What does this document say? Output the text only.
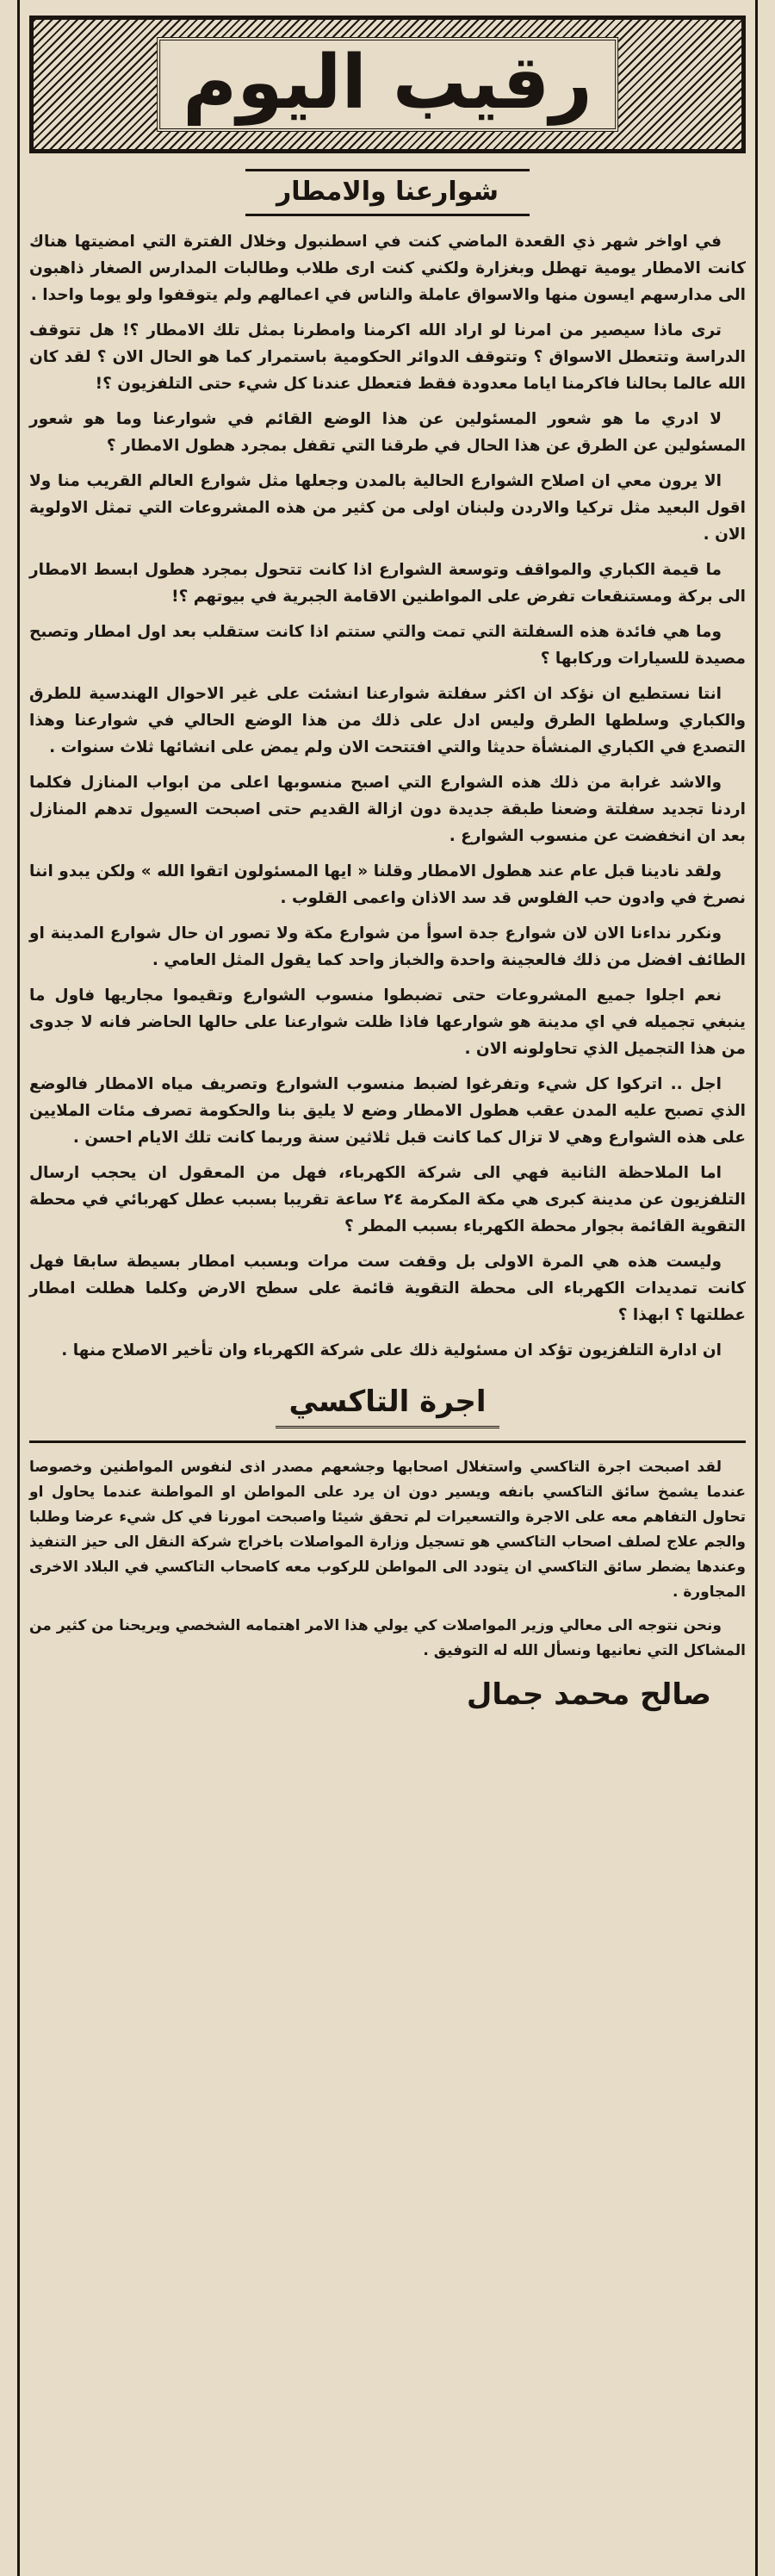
رقيب اليوم
شوارعنا والامطار

في اواخر شهر ذي القعدة الماضي كنت في اسطنبول وخلال الفترة التي امضيتها هناك كانت الامطار يومية تهطل وبغزارة ولكني كنت ارى طلاب وطالبات المدارس الصغار ذاهبون الى مدارسهم ايسون منها والاسواق عاملة والناس في اعمالهم ولم يتوقفوا ولو يوما واحدا .

ترى ماذا سيصير من امرنا لو اراد الله اكرمنا وامطرنا بمثل تلك الامطار ؟! هل تتوقف الدراسة وتتعطل الاسواق ؟ وتتوقف الدوائر الحكومية باستمرار كما هو الحال الان ؟ لقد كان الله عالما بحالنا فاكرمنا اياما معدودة فقط فتعطل عندنا كل شيء حتى التلفزيون ؟!

لا ادري ما هو شعور المسئولين عن هذا الوضع القائم في شوارعنا وما هو شعور المسئولين عن الطرق عن هذا الحال في طرقنا التي تقفل بمجرد هطول الامطار ؟

الا يرون معي ان اصلاح الشوارع الحالية بالمدن وجعلها مثل شوارع العالم القريب منا ولا اقول البعيد مثل تركيا والاردن ولبنان اولى من كثير من هذه المشروعات التي تمثل الاولوية الان .

ما قيمة الكباري والمواقف وتوسعة الشوارع اذا كانت تتحول بمجرد هطول ابسط الامطار الى بركة ومستنقعات تفرض على المواطنين الاقامة الجبرية في بيوتهم ؟!

وما هي فائدة هذه السفلتة التي تمت والتي ستتم اذا كانت ستقلب بعد اول امطار وتصبح مصيدة للسيارات وركابها ؟

انتا نستطيع ان نؤكد ان اكثر سفلتة شوارعنا انشئت على غير الاحوال الهندسية للطرق والكباري وسلطها الطرق وليس ادل على ذلك من هذا الوضع الحالي في شوارعنا وهذا التصدع في الكباري المنشأة حديثا والتي افتتحت الان ولم يمض على انشائها ثلاث سنوات .

والاشد غرابة من ذلك هذه الشوارع التي اصبح منسوبها اعلى من ابواب المنازل فكلما اردنا تجديد سفلتة وضعنا طبقة جديدة دون ازالة القديم حتى اصبحت السيول تدهم المنازل بعد ان انخفضت عن منسوب الشوارع .

ولقد نادينا قبل عام عند هطول الامطار وقلنا « ايها المسئولون اتقوا الله » ولكن يبدو اننا نصرخ في وادون حب الفلوس قد سد الاذان واعمى القلوب .

ونكرر نداءنا الان لان شوارع جدة اسوأ من شوارع مكة ولا تصور ان حال شوارع المدينة او الطائف افضل من ذلك فالعجينة واحدة والخباز واحد كما يقول المثل العامي .

نعم اجلوا جميع المشروعات حتى تضبطوا منسوب الشوارع وتقيموا مجاريها فاول ما ينبغي تجميله في اي مدينة هو شوارعها فاذا ظلت شوارعنا على حالها الحاضر فانه لا جدوى من هذا التجميل الذي تحاولونه الان .

اجل .. اتركوا كل شيء وتفرغوا لضبط منسوب الشوارع وتصريف مياه الامطار فالوضع الذي تصبح عليه المدن عقب هطول الامطار وضع لا يليق بنا والحكومة تصرف مئات الملايين على هذه الشوارع وهي لا تزال كما كانت قبل ثلاثين سنة وربما كانت تلك الايام احسن .

اما الملاحظة الثانية فهي الى شركة الكهرباء، فهل من المعقول ان يحجب ارسال التلفزيون عن مدينة كبرى هي مكة المكرمة ٢٤ ساعة تقريبا بسبب عطل كهربائي في محطة التقوية القائمة بجوار محطة الكهرباء بسبب المطر ؟

وليست هذه هي المرة الاولى بل وقفت ست مرات وبسبب امطار بسيطة سابقا فهل كانت تمديدات الكهرباء الى محطة التقوية قائمة على سطح الارض وكلما هطلت امطار عطلتها ؟ ابهذا ؟

ان ادارة التلفزيون تؤكد ان مسئولية ذلك على شركة الكهرباء وان تأخير الاصلاح منها .

اجرة التاكسي

لقد اصبحت اجرة التاكسي واستغلال اصحابها وجشعهم مصدر اذى لنفوس المواطنين وخصوصا عندما يشمخ سائق التاكسي بانفه ويسير دون ان يرد على المواطن او المواطنة عندما يحاول او تحاول التفاهم معه على الاجرة والتسعيرات لم تحقق شيئا واصبحت امورنا في كل شيء عرضا وطلبا والجم علاج لصلف اصحاب التاكسي هو تسجيل وزارة المواصلات باخراج شركة النقل الى حيز التنفيذ وعندها يضطر سائق التاكسي ان يتودد الى المواطن للركوب معه كاصحاب التاكسي في البلاد الاخرى المجاورة .

ونحن نتوجه الى معالي وزير المواصلات كي يولي هذا الامر اهتمامه الشخصي ويريحنا من كثير من المشاكل التي نعانيها ونسأل الله له التوفيق .

صالح محمد جمال
